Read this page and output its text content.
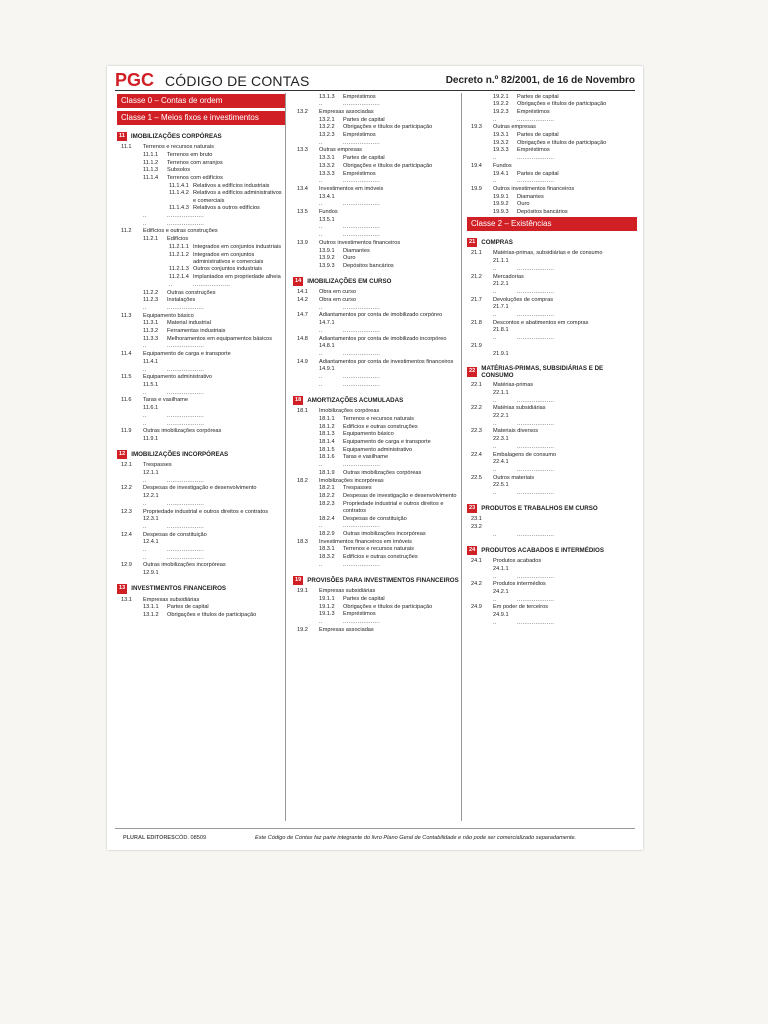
PGC CÓDIGO DE CONTAS	Decreto n.º 82/2001, de 16 de Novembro
Classe 0 – Contas de ordem
Classe 1 – Meios fixos e investimentos
11 IMOBILIZAÇÕES CORPÓREAS
11.1	Terrenos e recursos naturais
11.1.1	Terrenos em bruto
11.1.2	Terrenos com arranjos
11.1.3	Subsolos
11.1.4	Terrenos com edifícios
11.1.4.1 Relativos a edifícios industriais
11.1.4.2 Relativos a edifícios administrativos e comerciais
11.1.4.3 Relativos a outros edifícios
..	....................
..	....................
11.2	Edifícios e outras construções
11.2.1	Edifícios
11.2.1.1 Integrados em conjuntos industriais
11.2.1.2 Integrados em conjuntos administrativos e comerciais
11.2.1.3 Outros conjuntos industriais
11.2.1.4 Implantados em propriedade alheia
..	....................
11.2.2	Outras construções
11.2.3	Instalações
..	....................
11.3	Equipamento básico
11.3.1	Material industrial
11.3.2	Ferramentas industriais
11.3.3	Melhoramentos em equipamentos básicos
..	....................
11.4	Equipamento de carga e transporte
11.4.1
..	....................
11.5	Equipamento administrativo
11.5.1
..	....................
11.6	Taras e vasilhame
11.6.1
..	....................
..	....................
11.9	Outras imobilizações corpóreas
11.9.1
12 IMOBILIZAÇÕES INCORPÓREAS
12.1	Trespasses
12.1.1
..	....................
12.2	Despesas de investigação e desenvolvimento
12.2.1
..	....................
12.3	Propriedade industrial e outros direitos e contratos
12.3.1
..	....................
12.4	Despesas de constituição
12.4.1
..	....................
..	....................
12.9	Outras imobilizações incorpóreas
12.9.1
13 INVESTIMENTOS FINANCEIROS
13.1	Empresas subsidiárias
13.1.1	Partes de capital
13.1.2	Obrigações e títulos de participação
13.1.3	Empréstimos
..	....................
13.2	Empresas associadas
13.2.1	Partes de capital
13.2.2	Obrigações e títulos de participação
13.2.3	Empréstimos
..	....................
13.3	Outras empresas
13.3.1	Partes de capital
13.3.2	Obrigações e títulos de participação
13.3.3	Empréstimos
..	....................
13.4	Investimentos em imóveis
13.4.1
..	....................
13.5	Fundos
13.5.1
..	....................
..	....................
13.9	Outros investimentos financeiros
13.9.1	Diamantes
13.9.2	Ouro
13.9.3	Depósitos bancários
14 IMOBILIZAÇÕES EM CURSO
14.1	Obra em curso
14.2	Obra em curso
..	....................
14.7	Adiantamentos por conta de imobilizado corpóreo
14.7.1
..	....................
14.8	Adiantamentos por conta de imobilizado incorpóreo
14.8.1
..	....................
14.9	Adiantamentos por conta de investimentos financeiros
14.9.1
..	....................
..	....................
18 AMORTIZAÇÕES ACUMULADAS
18.1	Imobilizações corpóreas
18.1.1	Terrenos e recursos naturais
18.1.2	Edifícios e outras construções
18.1.3	Equipamento básico
18.1.4	Equipamento de carga e transporte
18.1.5	Equipamento administrativo
18.1.6	Taras e vasilhame
..	....................
18.1.9	Outras imobilizações corpóreas
18.2	Imobilizações incorpóreas
18.2.1	Trespasses
18.2.2	Despesas de investigação e desenvolvimento
18.2.3	Propriedade industrial e outros direitos e contratos
18.2.4	Despesas de constituição
..	....................
18.2.9	Outras imobilizações incorpóreas
18.3	Investimentos financeiros em imóveis
18.3.1	Terrenos e recursos naturais
18.3.2	Edifícios e outras construções
..	....................
19 PROVISÕES PARA INVESTIMENTOS FINANCEIROS
19.1	Empresas subsidiárias
19.1.1	Partes de capital
19.1.2	Obrigações e títulos de participação
19.1.3	Empréstimos
..	....................
19.2	Empresas associadas
19.2.1	Partes de capital
19.2.2	Obrigações e títulos de participação
19.2.3	Empréstimos
..	....................
19.3	Outras empresas
19.3.1	Partes de capital
19.3.2	Obrigações e títulos de participação
19.3.3	Empréstimos
..	....................
19.4	Fundos
19.4.1	Partes de capital
..	....................
19.9	Outros investimentos financeiros
19.9.1	Diamantes
19.9.2	Ouro
19.9.3	Depósitos bancários
Classe 2 – Existências
21 COMPRAS
21.1	Matérias-primas, subsidiárias e de consumo
21.1.1
..	....................
21.2	Mercadorias
21.2.1
..	....................
21.7	Devoluções de compras
21.7.1
..	....................
21.8	Descontos e abatimentos em compras
21.8.1
..	....................
21.9
21.9.1
22 MATÉRIAS-PRIMAS, SUBSIDIÁRIAS E DE CONSUMO
22.1	Matérias-primas
22.1.1
..	....................
22.2	Matérias subsidiárias
22.2.1
..	....................
22.3	Materiais diversos
22.3.1
..	....................
22.4	Embalagens de consumo
22.4.1
..	....................
22.5	Outros materiais
22.5.1
..	....................
23 PRODUTOS E TRABALHOS EM CURSO
23.1
23.2
..	....................
24 PRODUTOS ACABADOS E INTERMÉDIOS
24.1	Produtos acabados
24.1.1
..	....................
24.2	Produtos intermédios
24.2.1
..	....................
24.9	Em poder de terceiros
24.9.1
..	....................
PLURAL EDITORES CÓD. 08509	Este Código de Contas faz parte integrante do livro Plano Geral de Contabilidade e não pode ser comercializado separadamente.
